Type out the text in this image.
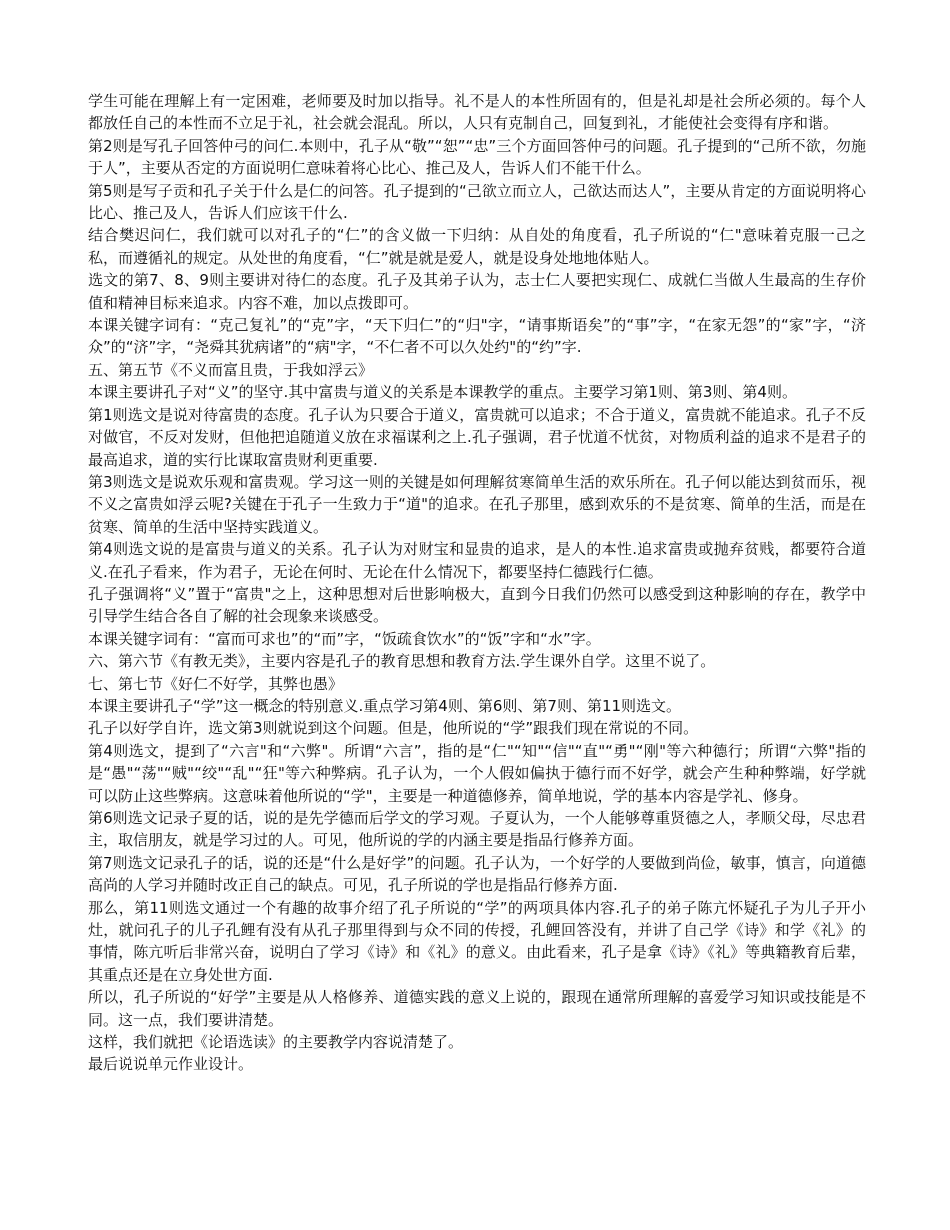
学生可能在理解上有一定困难，老师要及时加以指导。礼不是人的本性所固有的，但是礼却是社会所必须的。每个人都放任自己的本性而不立足于礼，社会就会混乱。所以，人只有克制自己，回复到礼，才能使社会变得有序和谐。

第2则是写孔子回答仲弓的问仁.本则中，孔子从“敬”“恕”“忠”三个方面回答仲弓的问题。孔子提到的“己所不欲，勿施于人”，主要从否定的方面说明仁意味着将心比心、推己及人，告诉人们不能干什么。

第5则是写子贡和孔子关于什么是仁的问答。孔子提到的“己欲立而立人，己欲达而达人”，主要从肯定的方面说明将心比心、推己及人，告诉人们应该干什么.

结合樊迟问仁，我们就可以对孔子的“仁”的含义做一下归纳：从自处的角度看，孔子所说的“仁"意味着克服一己之私，而遵循礼的规定。从处世的角度看，“仁”就是就是爱人，就是设身处地地体贴人。

选文的第7、8、9则主要讲对待仁的态度。孔子及其弟子认为，志士仁人要把实现仁、成就仁当做人生最高的生存价值和精神目标来追求。内容不难，加以点拨即可。

本课关键字词有：“克己复礼”的“克”字，“天下归仁”的“归"字，“请事斯语矣”的“事”字，“在家无怨”的“家”字，“济众”的“济”字，“尧舜其犹病诸”的“病"字，“不仁者不可以久处约"的“约”字.

五、第五节《不义而富且贵，于我如浮云》

本课主要讲孔子对“义”的坚守.其中富贵与道义的关系是本课教学的重点。主要学习第1则、第3则、第4则。

第1则选文是说对待富贵的态度。孔子认为只要合于道义，富贵就可以追求；不合于道义，富贵就不能追求。孔子不反对做官，不反对发财，但他把追随道义放在求福谋利之上.孔子强调，君子忧道不忧贫，对物质利益的追求不是君子的最高追求，道的实行比谋取富贵财利更重要.

第3则选文是说欢乐观和富贵观。学习这一则的关键是如何理解贫寒简单生活的欢乐所在。孔子何以能达到贫而乐，视不义之富贵如浮云呢?关键在于孔子一生致力于“道"的追求。在孔子那里，感到欢乐的不是贫寒、简单的生活，而是在贫寒、简单的生活中坚持实践道义。

第4则选文说的是富贵与道义的关系。孔子认为对财宝和显贵的追求，是人的本性.追求富贵或抛弃贫贱，都要符合道义.在孔子看来，作为君子，无论在何时、无论在什么情况下，都要坚持仁德践行仁德。

孔子强调将“义”置于“富贵"之上，这种思想对后世影响极大，直到今日我们仍然可以感受到这种影响的存在，教学中引导学生结合各自了解的社会现象来谈感受。

本课关键字词有：“富而可求也”的“而”字，“饭疏食饮水”的“饭”字和“水”字。

六、第六节《有教无类》，主要内容是孔子的教育思想和教育方法.学生课外自学。这里不说了。

七、第七节《好仁不好学，其弊也愚》

本课主要讲孔子“学”这一概念的特别意义.重点学习第4则、第6则、第7则、第11则选文。

孔子以好学自许，选文第3则就说到这个问题。但是，他所说的“学”跟我们现在常说的不同。

第4则选文，提到了“六言"和“六弊"。所谓“六言”，指的是“仁"“知"“信"“直"“勇"“刚"等六种德行；所谓“六弊"指的是“愚"“荡"“贼"“绞"“乱"“狂"等六种弊病。孔子认为，一个人假如偏执于德行而不好学，就会产生种种弊端，好学就可以防止这些弊病。这意味着他所说的“学"，主要是一种道德修养，简单地说，学的基本内容是学礼、修身。

第6则选文记录子夏的话，说的是先学德而后学文的学习观。子夏认为，一个人能够尊重贤德之人，孝顺父母，尽忠君主，取信朋友，就是学习过的人。可见，他所说的学的内涵主要是指品行修养方面。

第7则选文记录孔子的话，说的还是“什么是好学”的问题。孔子认为，一个好学的人要做到尚俭，敏事，慎言，向道德高尚的人学习并随时改正自己的缺点。可见，孔子所说的学也是指品行修养方面.

那么，第11则选文通过一个有趣的故事介绍了孔子所说的“学”的两项具体内容.孔子的弟子陈亢怀疑孔子为儿子开小灶，就问孔子的儿子孔鲤有没有从孔子那里得到与众不同的传授，孔鲤回答没有，并讲了自己学《诗》和学《礼》的事情，陈亢听后非常兴奋，说明白了学习《诗》和《礼》的意义。由此看来，孔子是拿《诗》《礼》等典籍教育后辈，其重点还是在立身处世方面.

所以，孔子所说的“好学”主要是从人格修养、道德实践的意义上说的，跟现在通常所理解的喜爱学习知识或技能是不同。这一点，我们要讲清楚。

这样，我们就把《论语选读》的主要教学内容说清楚了。

最后说说单元作业设计。
